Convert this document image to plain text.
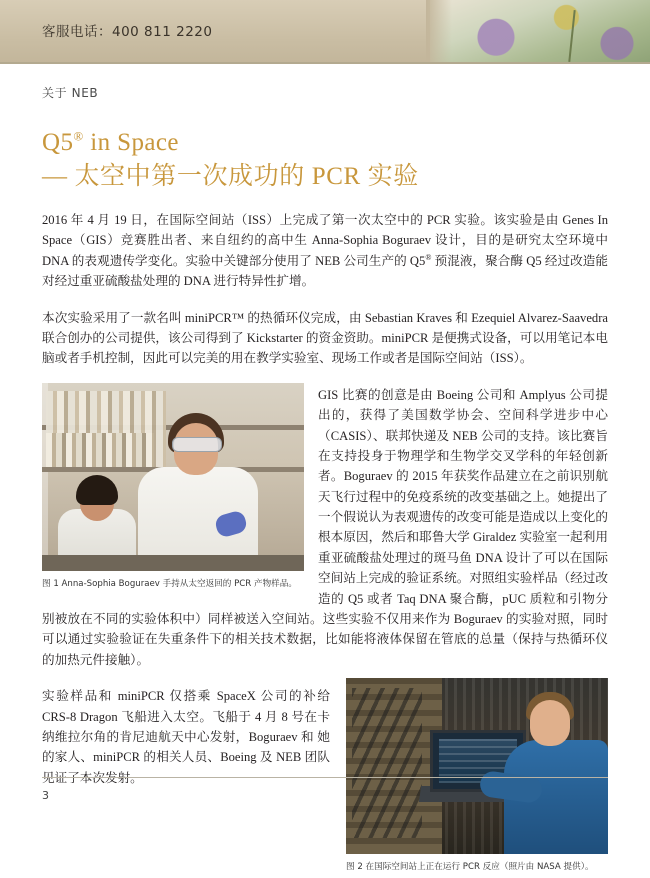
客服电话：400 811 2220
关于 NEB
Q5® in Space
— 太空中第一次成功的 PCR 实验

2016 年 4 月 19 日，在国际空间站（ISS）上完成了第一次太空中的 PCR 实验。该实验是由 Genes In Space（GIS）竞赛胜出者、来自纽约的高中生 Anna-Sophia Boguraev 设计，目的是研究太空环境中 DNA 的表观遗传学变化。实验中关键部分使用了 NEB 公司生产的 Q5® 预混液，聚合酶 Q5 经过改造能对经过重亚硫酸盐处理的 DNA 进行特异性扩增。

本次实验采用了一款名叫 miniPCR™ 的热循环仪完成，由 Sebastian Kraves 和 Ezequiel Alvarez-Saavedra 联合创办的公司提供，该公司得到了 Kickstarter 的资金资助。miniPCR 是便携式设备，可以用笔记本电脑或者手机控制，因此可以完美的用在教学实验室、现场工作或者是国际空间站（ISS）。

图 1 Anna-Sophia Boguraev 手持从太空返回的 PCR 产物样品。

GIS 比赛的创意是由 Boeing 公司和 Amplyus 公司提出的，获得了美国数学协会、空间科学进步中心（CASIS）、联邦快递及 NEB 公司的支持。该比赛旨在支持投身于物理学和生物学交叉学科的年轻创新者。Boguraev 的 2015 年获奖作品建立在之前识别航天飞行过程中的免疫系统的改变基础之上。她提出了一个假说认为表观遗传的改变可能是造成以上变化的根本原因，然后和耶鲁大学 Giraldez 实验室一起利用重亚硫酸盐处理过的斑马鱼 DNA 设计了可以在国际空间站上完成的验证系统。对照组实验样品（经过改造的 Q5 或者 Taq DNA 聚合酶，pUC 质粒和引物分别被放在不同的实验体积中）同样被送入空间站。这些实验不仅用来作为 Boguraev 的实验对照，同时可以通过实验验证在失重条件下的相关技术数据，比如能将液体保留在管底的总量（保持与热循环仪的加热元件接触）。

图 2 在国际空间站上正在运行 PCR 反应（照片由 NASA 提供）。

实验样品和 miniPCR 仅搭乘 SpaceX 公司的补给 CRS-8 Dragon 飞船进入太空。飞船于 4 月 8 号在卡纳维拉尔角的肯尼迪航天中心发射，Boguraev 和 她的家人、miniPCR 的相关人员、Boeing 及 NEB 团队

3
